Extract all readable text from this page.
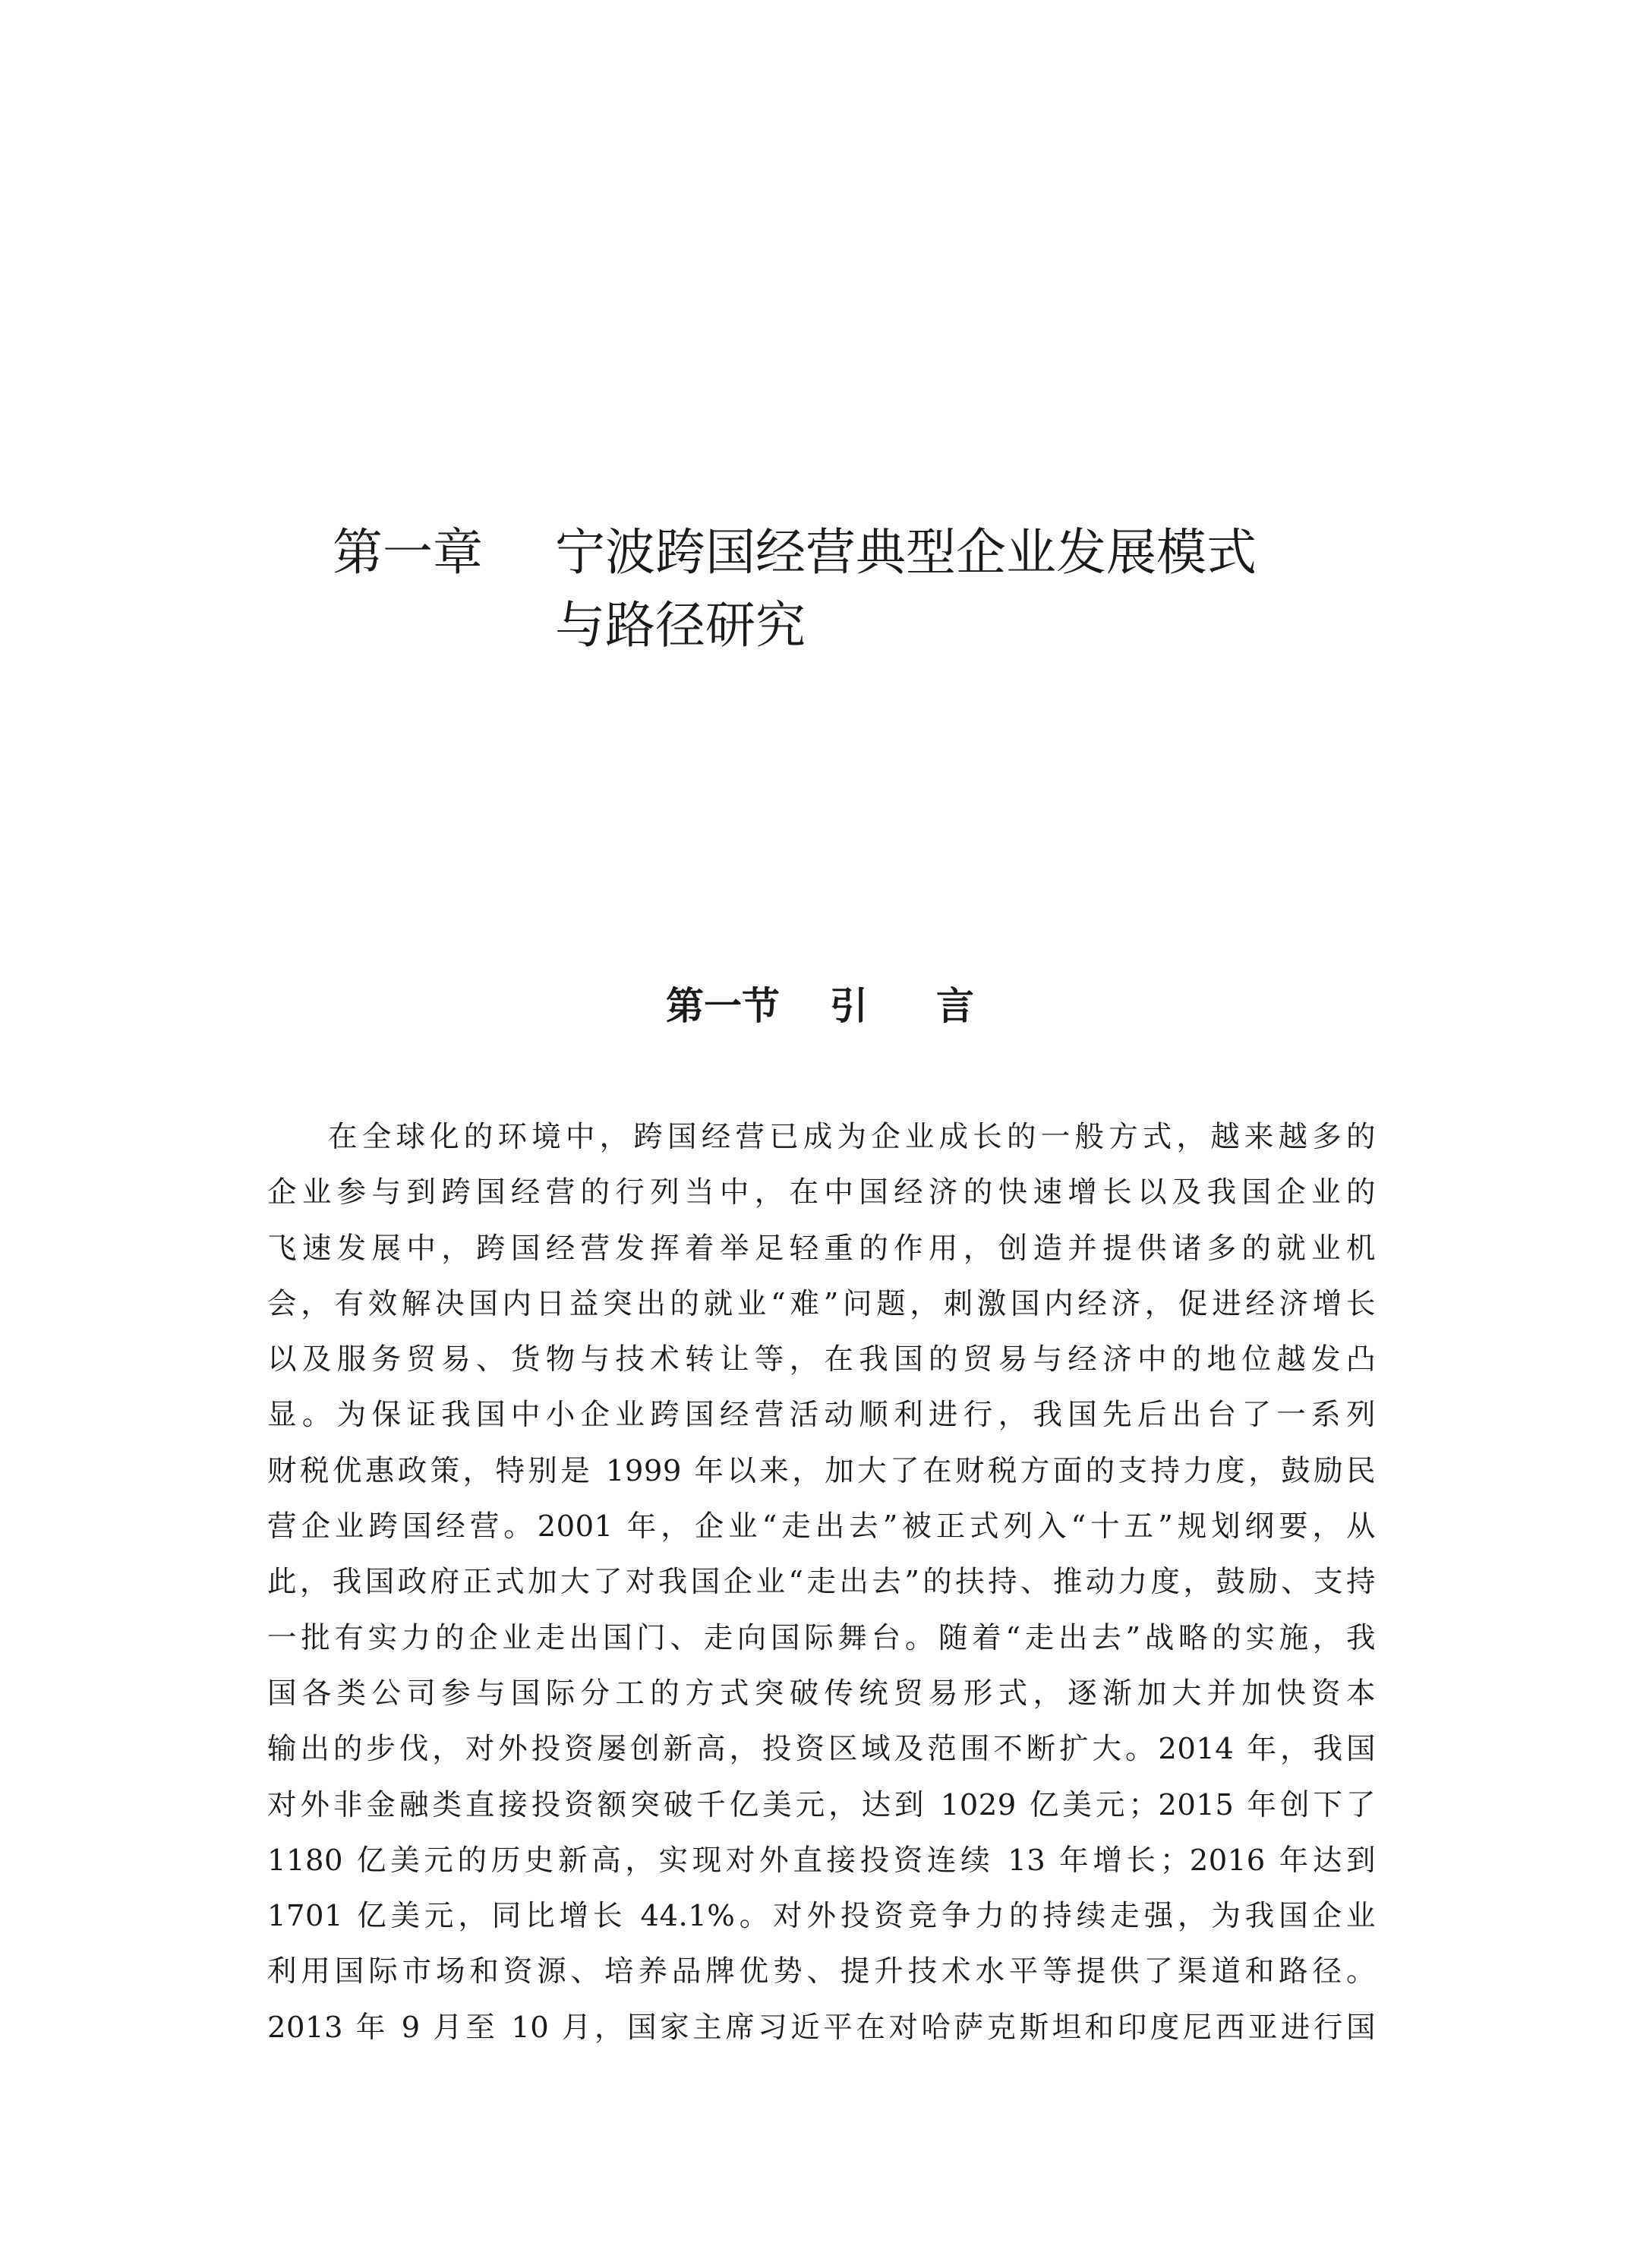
第一章 宁波跨国经营典型企业发展模式
与路径研究
第一节 引 言
在全球化的环境中，跨国经营已成为企业成长的一般方式，越来越多的
企业参与到跨国经营的行列当中，在中国经济的快速增长以及我国企业的
飞速发展中，跨国经营发挥着举足轻重的作用，创造并提供诸多的就业机
会，有效解决国内日益突出的就业“难”问题，刺激国内经济，促进经济增长
以及服务贸易、货物与技术转让等，在我国的贸易与经济中的地位越发凸
显。为保证我国中小企业跨国经营活动顺利进行，我国先后出台了一系列
财税优惠政策，特别是 1999 年以来，加大了在财税方面的支持力度，鼓励民
营企业跨国经营。2001 年，企业“走出去”被正式列入“十五”规划纲要，从
此，我国政府正式加大了对我国企业“走出去”的扶持、推动力度，鼓励、支持
一批有实力的企业走出国门、走向国际舞台。随着“走出去”战略的实施，我
国各类公司参与国际分工的方式突破传统贸易形式，逐渐加大并加快资本
输出的步伐，对外投资屡创新高，投资区域及范围不断扩大。2014 年，我国
对外非金融类直接投资额突破千亿美元，达到 1029 亿美元；2015 年创下了
1180 亿美元的历史新高，实现对外直接投资连续 13 年增长；2016 年达到
1701 亿美元，同比增长 44.1%。对外投资竞争力的持续走强，为我国企业
利用国际市场和资源、培养品牌优势、提升技术水平等提供了渠道和路径。
2013 年 9 月至 10 月，国家主席习近平在对哈萨克斯坦和印度尼西亚进行国
